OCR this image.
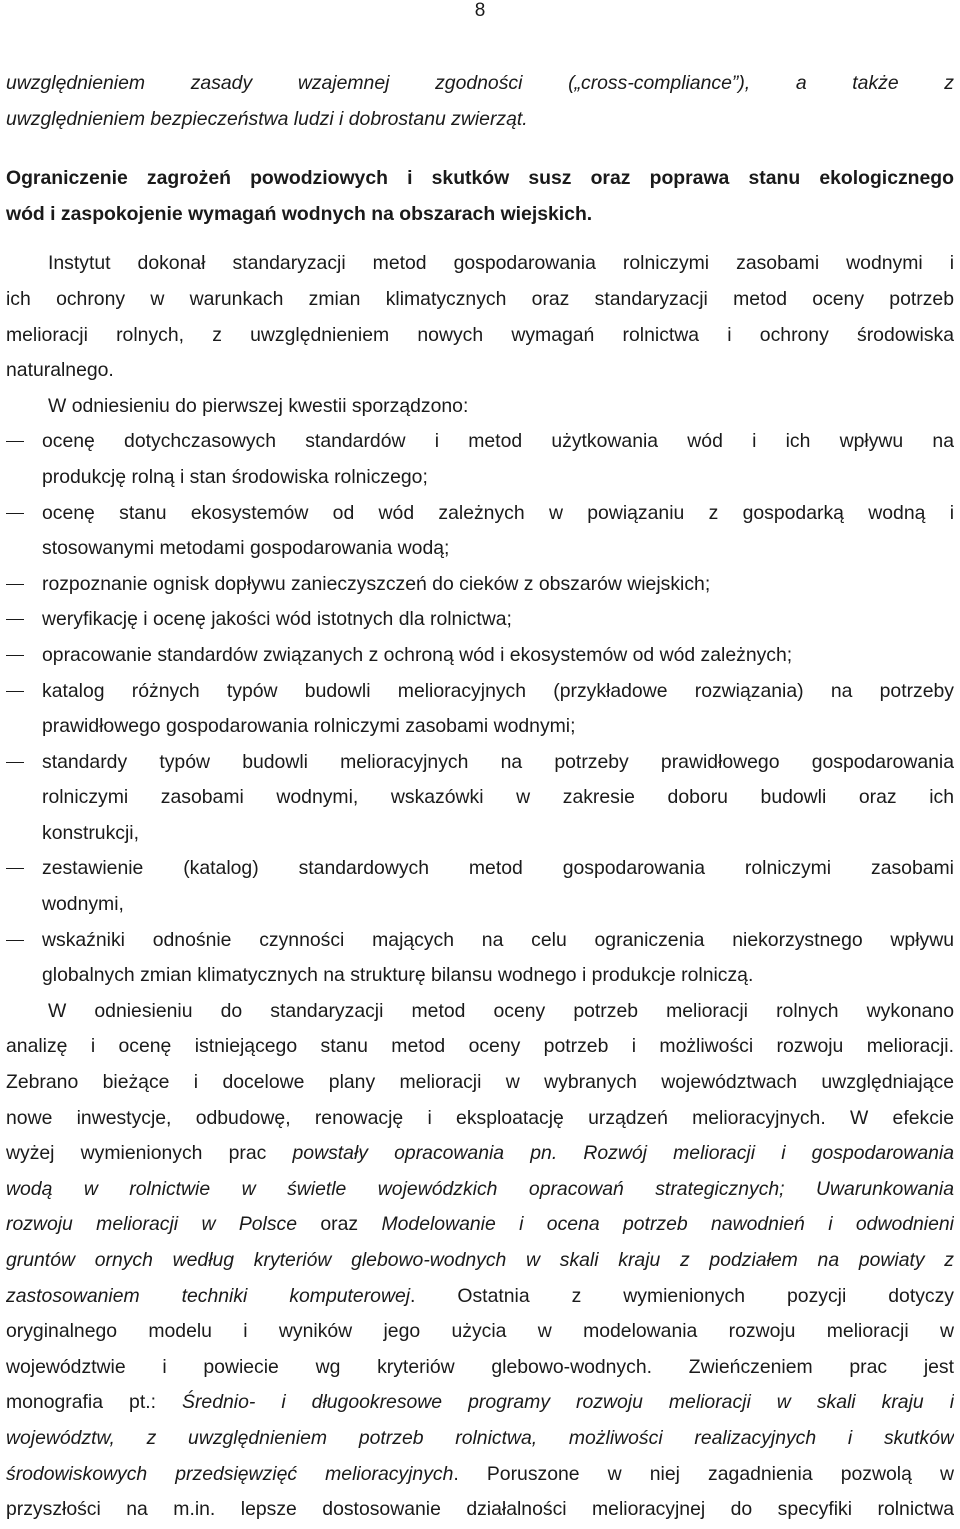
8
uwzględnieniem zasady wzajemnej zgodności („cross-compliance”), a także z
uwzględnieniem bezpieczeństwa ludzi i dobrostanu zwierząt.
Ograniczenie zagrożeń powodziowych i skutków susz oraz poprawa stanu ekologicznego
wód i zaspokojenie wymagań wodnych na obszarach wiejskich.
Instytut dokonał standaryzacji metod gospodarowania rolniczymi zasobami wodnymi i
ich ochrony w warunkach zmian klimatycznych oraz standaryzacji metod oceny potrzeb
melioracji rolnych, z uwzględnieniem nowych wymagań rolnictwa i ochrony środowiska
naturalnego.
W odniesieniu do pierwszej kwestii sporządzono:
ocenę dotychczasowych standardów i metod użytkowania wód i ich wpływu na
produkcję rolną i stan środowiska rolniczego;
ocenę stanu ekosystemów od wód zależnych w powiązaniu z gospodarką wodną i
stosowanymi metodami gospodarowania wodą;
rozpoznanie ognisk dopływu zanieczyszczeń do cieków z obszarów wiejskich;
weryfikację i ocenę jakości wód istotnych dla rolnictwa;
opracowanie standardów związanych z ochroną wód i ekosystemów od wód zależnych;
katalog różnych typów budowli melioracyjnych (przykładowe rozwiązania) na potrzeby
prawidłowego gospodarowania rolniczymi zasobami wodnymi;
standardy typów budowli melioracyjnych na potrzeby prawidłowego gospodarowania
rolniczymi zasobami wodnymi, wskazówki w zakresie doboru budowli oraz ich
konstrukcji,
zestawienie (katalog) standardowych metod gospodarowania rolniczymi zasobami
wodnymi,
wskaźniki odnośnie czynności mających na celu ograniczenia niekorzystnego wpływu
globalnych zmian klimatycznych na strukturę bilansu wodnego i produkcje rolniczą.
W odniesieniu do standaryzacji metod oceny potrzeb melioracji rolnych wykonano
analizę i ocenę istniejącego stanu metod oceny potrzeb i możliwości rozwoju melioracji.
Zebrano bieżące i docelowe plany melioracji w wybranych województwach uwzględniające
nowe inwestycje, odbudowę, renowację i eksploatację urządzeń melioracyjnych. W efekcie
wyżej wymienionych prac powstały opracowania pn. Rozwój melioracji i gospodarowania
wodą w rolnictwie w świetle wojewódzkich opracowań strategicznych; Uwarunkowania
rozwoju melioracji w Polsce oraz Modelowanie i ocena potrzeb nawodnień i odwodnieni
gruntów ornych według kryteriów glebowo-wodnych w skali kraju z podziałem na powiaty z
zastosowaniem techniki komputerowej. Ostatnia z wymienionych pozycji dotyczy
oryginalnego modelu i wyników jego użycia w modelowania rozwoju melioracji w
województwie i powiecie wg kryteriów glebowo-wodnych. Zwieńczeniem prac jest
monografia pt.: Średnio- i długookresowe programy rozwoju melioracji w skali kraju i
województw, z uwzględnieniem potrzeb rolnictwa, możliwości realizacyjnych i skutków
środowiskowych przedsięwzięć melioracyjnych. Poruszone w niej zagadnienia pozwolą w
przyszłości na m.in. lepsze dostosowanie działalności melioracyjnej do specyfiki rolnictwa
